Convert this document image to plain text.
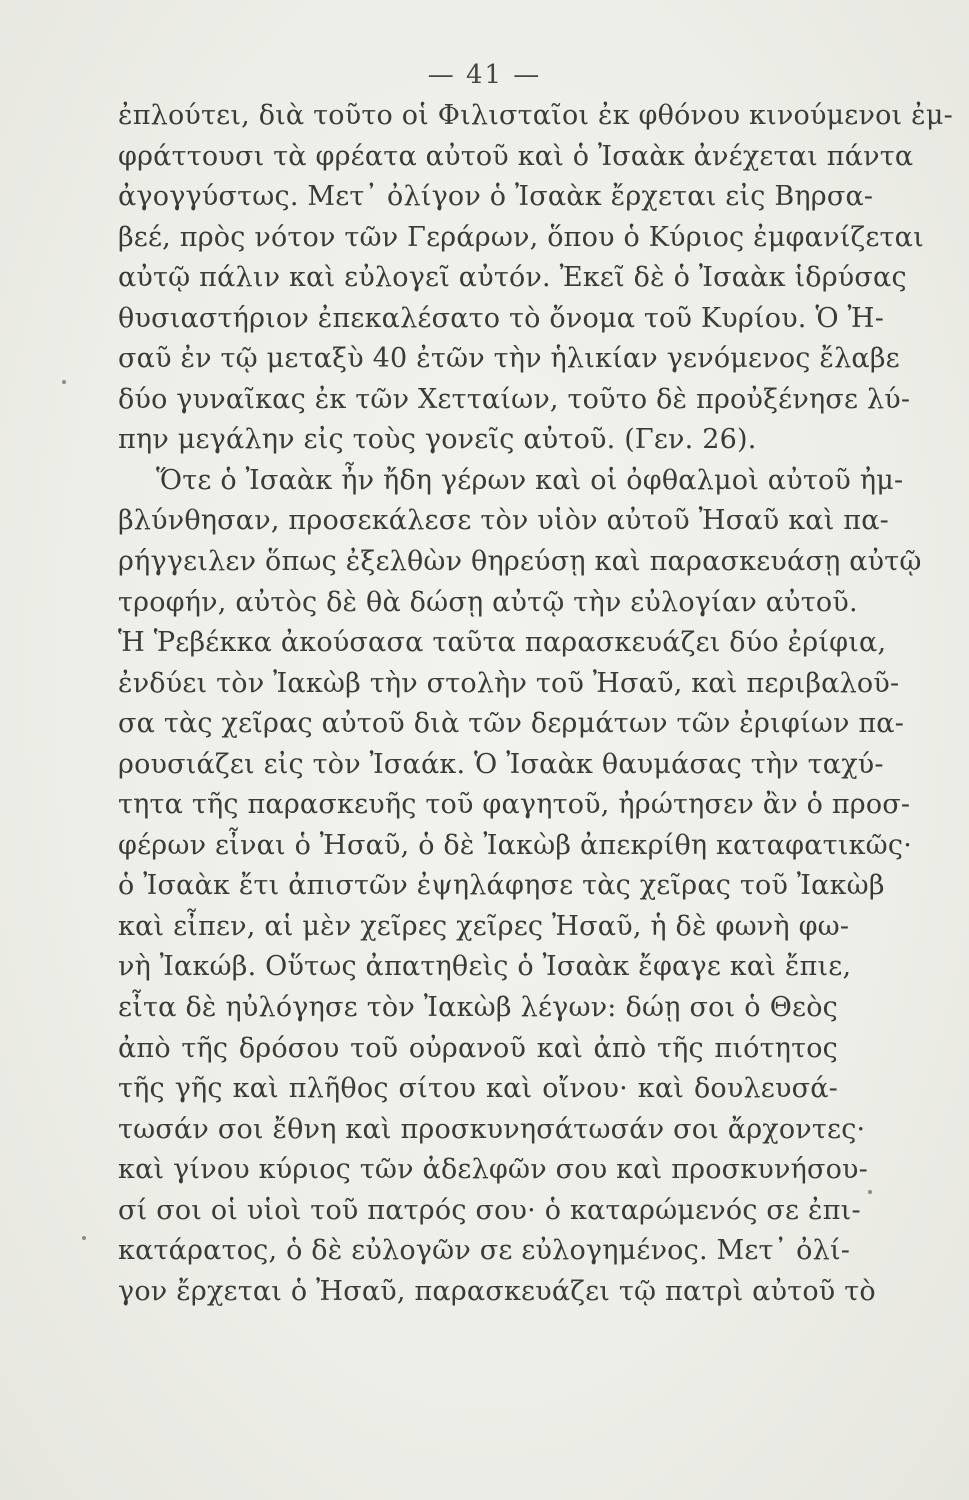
— 41 —
ἐπλούτει, διὰ τοῦτο οἱ Φιλισταῖοι ἐκ φθόνου κινούμενοι ἐμ-
φράττουσι τὰ φρέατα αὐτοῦ καὶ ὁ Ἰσαὰκ ἀνέχεται πάντα
ἀγογγύστως. Μετ᾽ ὀλίγον ὁ Ἰσαὰκ ἔρχεται εἰς Βηρσα-
βεέ, πρὸς νότον τῶν Γεράρων, ὅπου ὁ Κύριος ἐμφανίζεται
αὐτῷ πάλιν καὶ εὐλογεῖ αὐτόν. Ἐκεῖ δὲ ὁ Ἰσαὰκ ἱδρύσας
θυσιαστήριον ἐπεκαλέσατο τὸ ὄνομα τοῦ Κυρίου. Ὁ Ἠ-
σαῦ ἐν τῷ μεταξὺ 40 ἐτῶν τὴν ἡλικίαν γενόμενος ἔλαβε
δύο γυναῖκας ἐκ τῶν Χετταίων, τοῦτο δὲ προὐξένησε λύ-
πην μεγάλην εἰς τοὺς γονεῖς αὐτοῦ. (Γεν. 26).
Ὅτε ὁ Ἰσαὰκ ἦν ἤδη γέρων καὶ οἱ ὀφθαλμοὶ αὐτοῦ ἠμ-
βλύνθησαν, προσεκάλεσε τὸν υἱὸν αὐτοῦ Ἠσαῦ καὶ πα-
ρήγγειλεν ὅπως ἐξελθὼν θηρεύσῃ καὶ παρασκευάσῃ αὐτῷ
τροφήν, αὐτὸς δὲ θὰ δώσῃ αὐτῷ τὴν εὐλογίαν αὐτοῦ.
Ἡ Ῥεβέκκα ἀκούσασα ταῦτα παρασκευάζει δύο ἐρίφια,
ἐνδύει τὸν Ἰακὼβ τὴν στολὴν τοῦ Ἠσαῦ, καὶ περιβαλοῦ-
σα τὰς χεῖρας αὐτοῦ διὰ τῶν δερμάτων τῶν ἐριφίων πα-
ρουσιάζει εἰς τὸν Ἰσαάκ. Ὁ Ἰσαὰκ θαυμάσας τὴν ταχύ-
τητα τῆς παρασκευῆς τοῦ φαγητοῦ, ἠρώτησεν ἂν ὁ προσ-
φέρων εἶναι ὁ Ἠσαῦ, ὁ δὲ Ἰακὼβ ἀπεκρίθη καταφατικῶς·
ὁ Ἰσαὰκ ἔτι ἀπιστῶν ἐψηλάφησε τὰς χεῖρας τοῦ Ἰακὼβ
καὶ εἶπεν, αἱ μὲν χεῖρες χεῖρες Ἠσαῦ, ἡ δὲ φωνὴ φω-
νὴ Ἰακώβ. Οὕτως ἀπατηθεὶς ὁ Ἰσαὰκ ἔφαγε καὶ ἔπιε,
εἶτα δὲ ηὐλόγησε τὸν Ἰακὼβ λέγων: δώῃ σοι ὁ Θεὸς
ἀπὸ τῆς δρόσου τοῦ οὐρανοῦ καὶ ἀπὸ τῆς πιότητος
τῆς γῆς καὶ πλῆθος σίτου καὶ οἴνου· καὶ δουλευσά-
τωσάν σοι ἔθνη καὶ προσκυνησάτωσάν σοι ἄρχοντες·
καὶ γίνου κύριος τῶν ἀδελφῶν σου καὶ προσκυνήσου-
σί σοι οἱ υἱοὶ τοῦ πατρός σου· ὁ καταρώμενός σε ἐπι-
κατάρατος, ὁ δὲ εὐλογῶν σε εὐλογημένος. Μετ᾽ ὀλί-
γον ἔρχεται ὁ Ἠσαῦ, παρασκευάζει τῷ πατρὶ αὐτοῦ τὸ
